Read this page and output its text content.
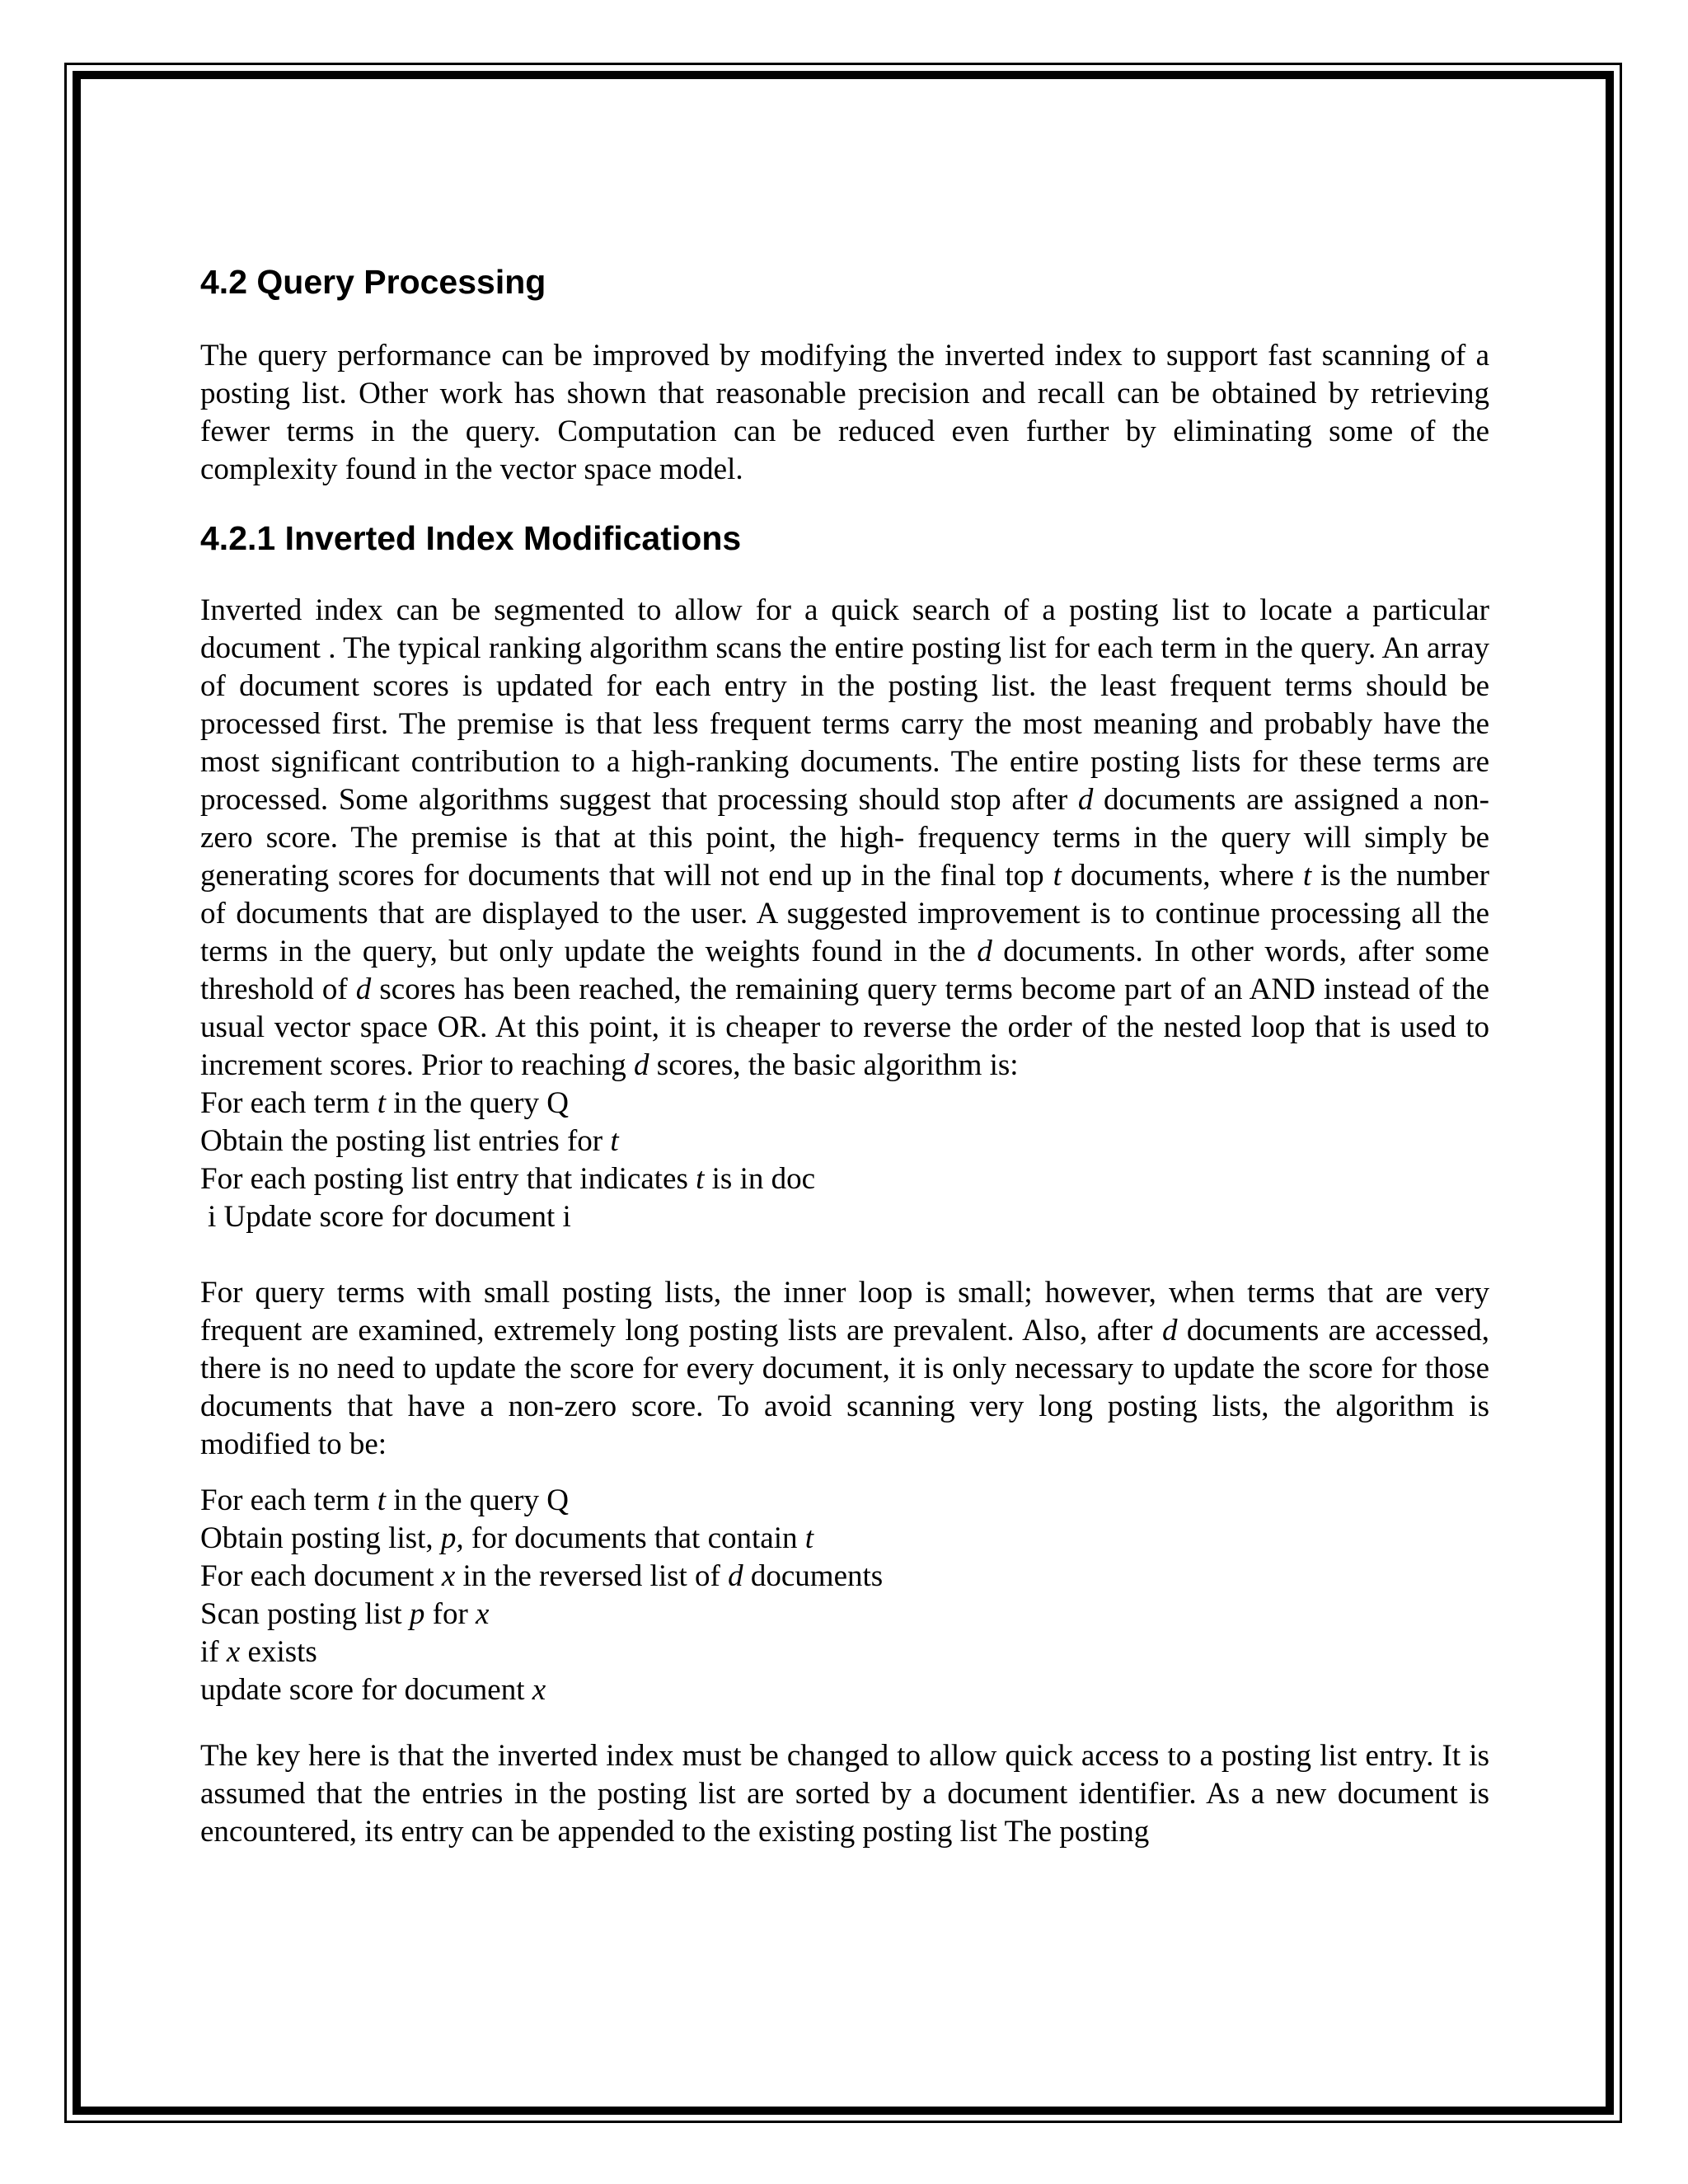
4.2 Query Processing

The query performance can be improved by modifying the inverted index to support fast scanning of a posting list. Other work has shown that reasonable precision and recall can be obtained by retrieving fewer terms in the query. Computation can be reduced even further by eliminating some of the complexity found in the vector space model.

4.2.1 Inverted Index Modifications

Inverted index can be segmented to allow for a quick search of a posting list to locate a particular document . The typical ranking algorithm scans the entire posting list for each term in the query. An array of document scores is updated for each entry in the posting list. the least frequent terms should be processed first. The premise is that less frequent terms carry the most meaning and probably have the most significant contribution to a high-ranking documents. The entire posting lists for these terms are processed. Some algorithms suggest that processing should stop after d documents are assigned a non- zero score. The premise is that at this point, the high- frequency terms in the query will simply be generating scores for documents that will not end up in the final top t documents, where t is the number of documents that are displayed to the user. A suggested improvement is to continue processing all the terms in the query, but only update the weights found in the d documents. In other words, after some threshold of d scores has been reached, the remaining query terms become part of an AND instead of the usual vector space OR. At this point, it is cheaper to reverse the order of the nested loop that is used to increment scores. Prior to reaching d scores, the basic algorithm is:

For each term t in the query Q
Obtain the posting list entries for t
For each posting list entry that indicates t is in doc
i Update score for document i

For query terms with small posting lists, the inner loop is small; however, when terms that are very frequent are examined, extremely long posting lists are prevalent. Also, after d documents are accessed, there is no need to update the score for every document, it is only necessary to update the score for those documents that have a non-zero score. To avoid scanning very long posting lists, the algorithm is modified to be:

For each term t in the query Q
Obtain posting list, p, for documents that contain t
For each document x in the reversed list of d documents
Scan posting list p for x
if x exists
update score for document x

The key here is that the inverted index must be changed to allow quick access to a posting list entry. It is assumed that the entries in the posting list are sorted by a document identifier. As a new document is encountered, its entry can be appended to the existing posting list The posting
